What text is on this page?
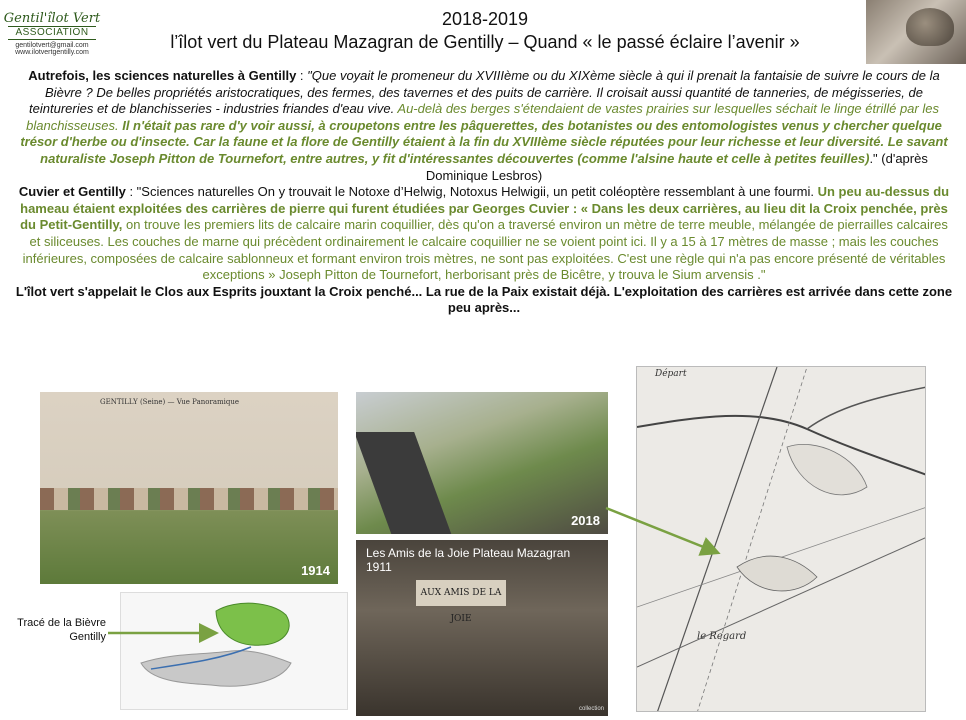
Gentil'îlot Vert
ASSOCIATION
gentilotvert@gmail.com
www.ilotvertgentilly.com

2018-2019

l’îlot vert du Plateau Mazagran de Gentilly – Quand « le passé éclaire l’avenir »

Autrefois, les sciences naturelles à Gentilly : "Que voyait le promeneur du XVIIIème ou du XIXème siècle à qui il prenait la fantaisie de suivre le cours de la Bièvre ? De belles propriétés aristocratiques, des fermes, des tavernes et des puits de carrière. Il croisait aussi quantité de tanneries, de mégisseries, de teintureries et de blanchisseries - industries friandes d'eau vive. Au-delà des berges s'étendaient de vastes prairies sur lesquelles séchait le linge étrillé par les blanchisseuses. Il n'était pas rare d'y voir aussi, à croupetons entre les pâquerettes, des botanistes ou des entomologistes venus y chercher quelque trésor d'herbe ou d'insecte. Car la faune et la flore de Gentilly étaient à la fin du XVIIIème siècle réputées pour leur richesse et leur diversité. Le savant naturaliste Joseph Pitton de Tournefort, entre autres, y fit d'intéressantes découvertes (comme l'alsine haute et celle à petites feuilles)." (d'après Dominique Lesbros)

Cuvier et Gentilly : "Sciences naturelles On y trouvait le Notoxe d’Helwig, Notoxus Helwigii, un petit coléoptère ressemblant à une fourmi. Un peu au-dessus du hameau étaient exploitées des carrières de pierre qui furent étudiées par Georges Cuvier : « Dans les deux carrières, au lieu dit la Croix penchée, près du Petit-Gentilly, on trouve les premiers lits de calcaire marin coquillier, dès qu'on a traversé environ un mètre de terre meuble, mélangée de pierrailles calcaires et siliceuses. Les couches de marne qui précèdent ordinairement le calcaire coquillier ne se voient point ici. Il y a 15 à 17 mètres de masse ; mais les couches inférieures, composées de calcaire sablonneux et formant environ trois mètres, ne sont pas exploitées. C'est une règle qui n'a pas encore présenté de véritables exceptions » Joseph Pitton de Tournefort, herborisant près de Bicêtre, y trouva le Sium arvensis ."

L'îlot vert s'appelait le Clos aux Esprits jouxtant la Croix penché... La rue de la Paix existait déjà. L'exploitation des carrières est arrivée dans cette zone peu après...

GENTILLY (Seine) — Vue Panoramique
1914
2018
Les Amis de la Joie Plateau Mazagran
1911
AUX AMIS DE LA JOIE
collection
Départ
le Regard
Tracé de la Bièvre
Gentilly
